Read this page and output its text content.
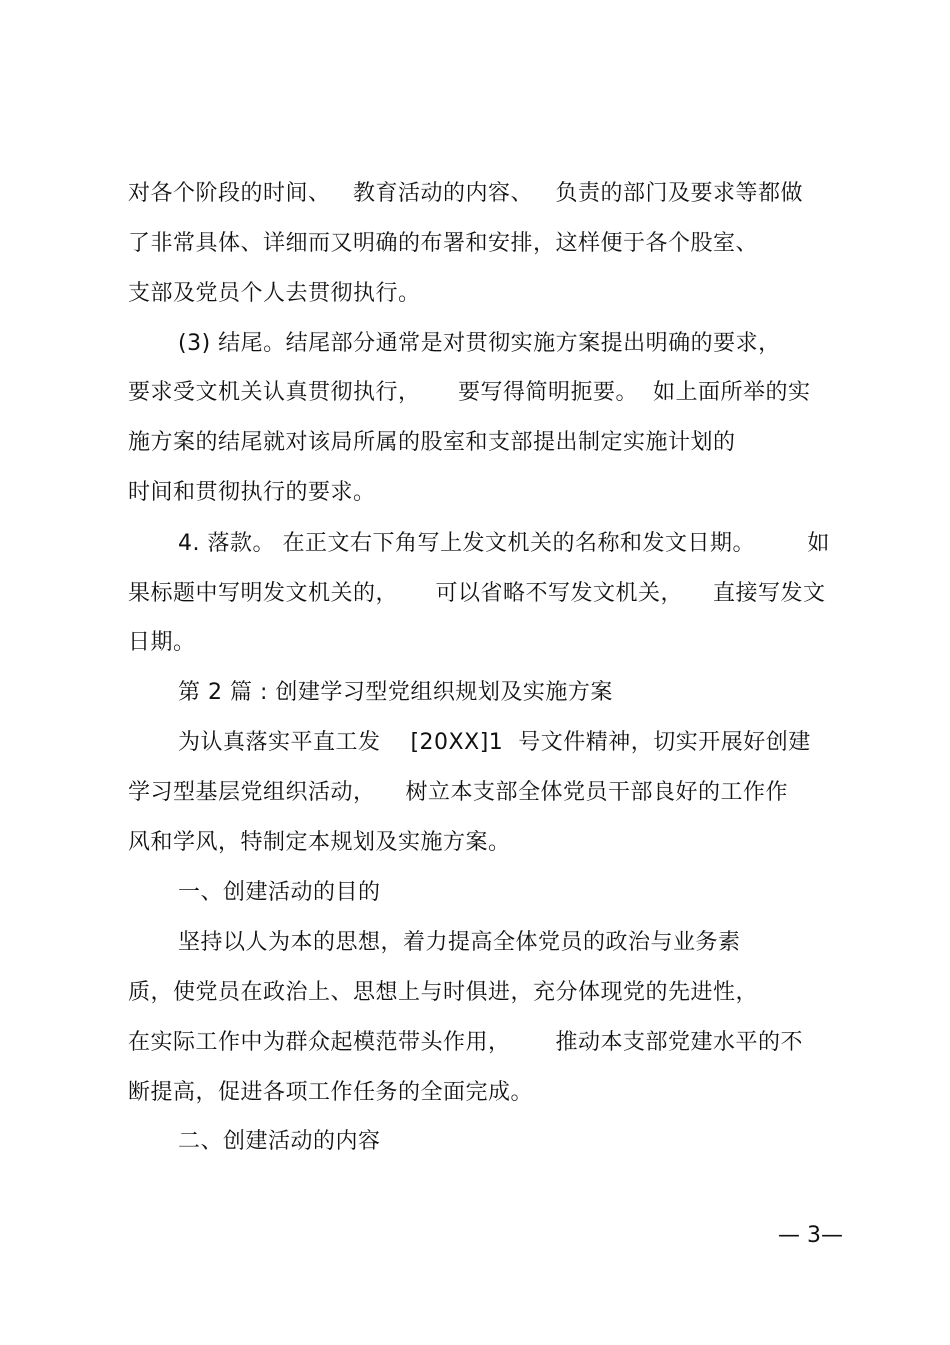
对各个阶段的时间、   教育活动的内容、   负责的部门及要求等都做
了非常具体、详细而又明确的布署和安排，这样便于各个股室、
支部及党员个人去贯彻执行。
(3) 结尾。结尾部分通常是对贯彻实施方案提出明确的要求，
要求受文机关认真贯彻执行，     要写得简明扼要。  如上面所举的实
施方案的结尾就对该局所属的股室和支部提出制定实施计划的
时间和贯彻执行的要求。
4. 落款。 在正文右下角写上发文机关的名称和发文日期。       如
果标题中写明发文机关的，     可以省略不写发文机关，    直接写发文
日期。
第 2 篇 : 创建学习型党组织规划及实施方案
为认真落实平直工发    [20XX]1  号文件精神，切实开展好创建
学习型基层党组织活动，    树立本支部全体党员干部良好的工作作
风和学风，特制定本规划及实施方案。
一、创建活动的目的
坚持以人为本的思想，着力提高全体党员的政治与业务素
质，使党员在政治上、思想上与时俱进，充分体现党的先进性，
在实际工作中为群众起模范带头作用，      推动本支部党建水平的不
断提高，促进各项工作任务的全面完成。
二、创建活动的内容
— 3—
